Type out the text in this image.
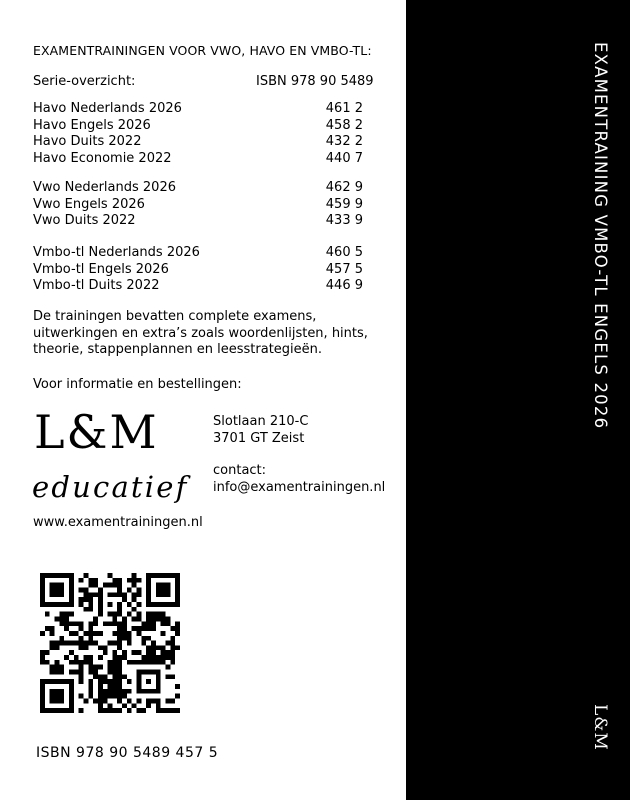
EXAMENTRAININGEN VOOR VWO, HAVO EN VMBO-TL:
Serie-overzicht:	ISBN 978 90 5489
Havo Nederlands 2026	461 2
Havo Engels 2026	458 2
Havo Duits 2022	432 2
Havo Economie 2022	440 7
Vwo Nederlands 2026	462 9
Vwo Engels 2026	459 9
Vwo Duits 2022	433 9
Vmbo-tl Nederlands 2026	460 5
Vmbo-tl Engels 2026	457 5
Vmbo-tl Duits 2022	446 9
De trainingen bevatten complete examens,
uitwerkingen en extra’s zoals woordenlijsten, hints,
theorie, stappenplannen en leesstrategieën.
Voor informatie en bestellingen:
L&M
educatief
Slotlaan 210-C
3701 GT Zeist
contact:
info@examentrainingen.nl
www.examentrainingen.nl
ISBN 978 90 5489 457 5
EXAMENTRAINING VMBO-TL ENGELS 2026
L&M
